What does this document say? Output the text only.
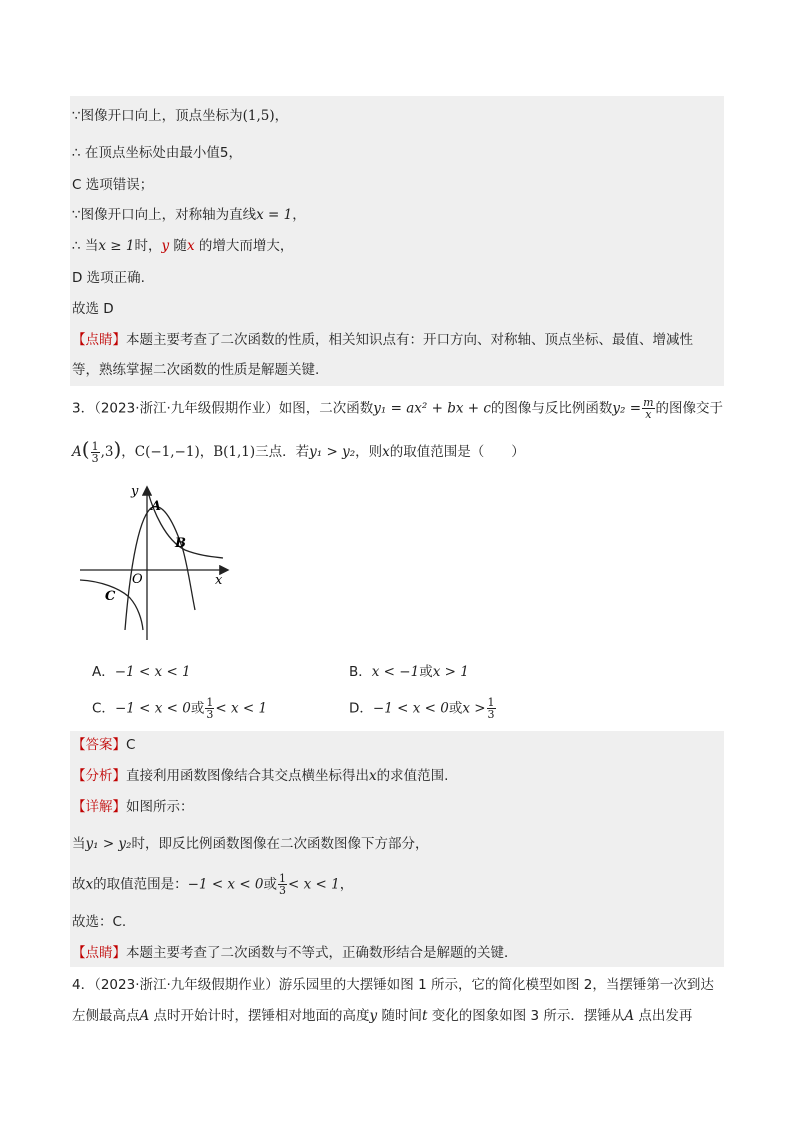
∵图像开口向上，顶点坐标为(1,5)，
∴ 在顶点坐标处由最小值5，
C 选项错误；
∵图像开口向上，对称轴为直线x = 1，
∴ 当x ≥ 1时，y 随x 的增大而增大，
D 选项正确.
故选 D
【点睛】本题主要考查了二次函数的性质，相关知识点有：开口方向、对称轴、顶点坐标、最值、增减性
等，熟练掌握二次函数的性质是解题关键.
3．（2023·浙江·九年级假期作业）如图，二次函数y₁ = ax² + bx + c的图像与反比例函数$y_2 = \frac{m}{x}$ 的图像交于
$A( \frac{1}{3} ,3)$，C(−1,−1)，B(1,1)三点．若y₁ > y₂，则x的取值范围是（　　）
y
x
O
A
B
C
A．−1 < x < 1	B．x < −1或x > 1
C．−1 < x < 0或 $\frac{1}{3} < x < 1$	D．−1 < x < 0或$x > \frac{1}{3}$
【答案】C
【分析】直接利用函数图像结合其交点横坐标得出x的求值范围.
【详解】如图所示：
当y₁ > y₂时，即反比例函数图像在二次函数图像下方部分，
故x的取值范围是：−1 < x < 0或 $\frac{1}{3} < x < 1$，
故选：C.
【点睛】本题主要考查了二次函数与不等式，正确数形结合是解题的关键．
4．（2023·浙江·九年级假期作业）游乐园里的大摆锤如图 1 所示，它的简化模型如图 2，当摆锤第一次到达
左侧最高点A 点时开始计时，摆锤相对地面的高度y 随时间t 变化的图象如图 3 所示．摆锤从A 点出发再
